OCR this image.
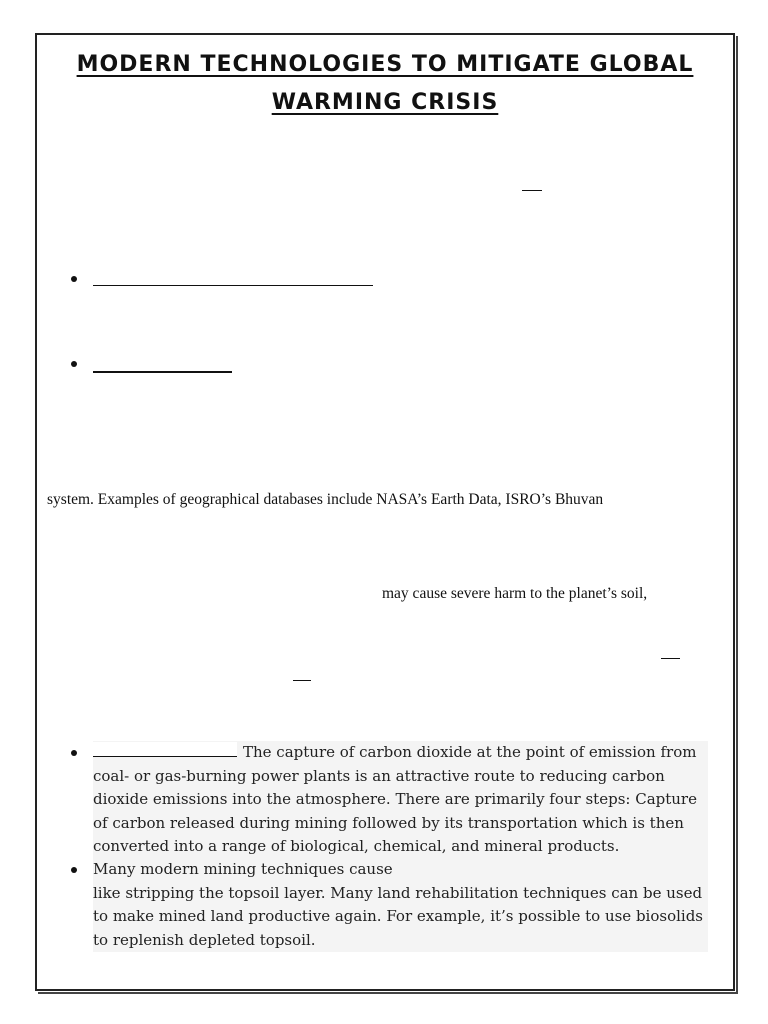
MODERN TECHNOLOGIES TO MITIGATE GLOBAL
WARMING CRISIS
system. Examples of geographical databases include NASA’s Earth Data, ISRO’s Bhuvan
may cause severe harm to the planet’s soil,
The capture of carbon dioxide at the point of emission from coal- or gas-burning power plants is an attractive route to reducing carbon dioxide emissions into the atmosphere. There are primarily four steps: Capture of carbon released during mining followed by its transportation which is then converted into a range of biological, chemical, and mineral products.
Many modern mining techniques cause
like stripping the topsoil layer. Many land rehabilitation techniques can be used to make mined land productive again. For example, it’s possible to use biosolids to replenish depleted topsoil.
